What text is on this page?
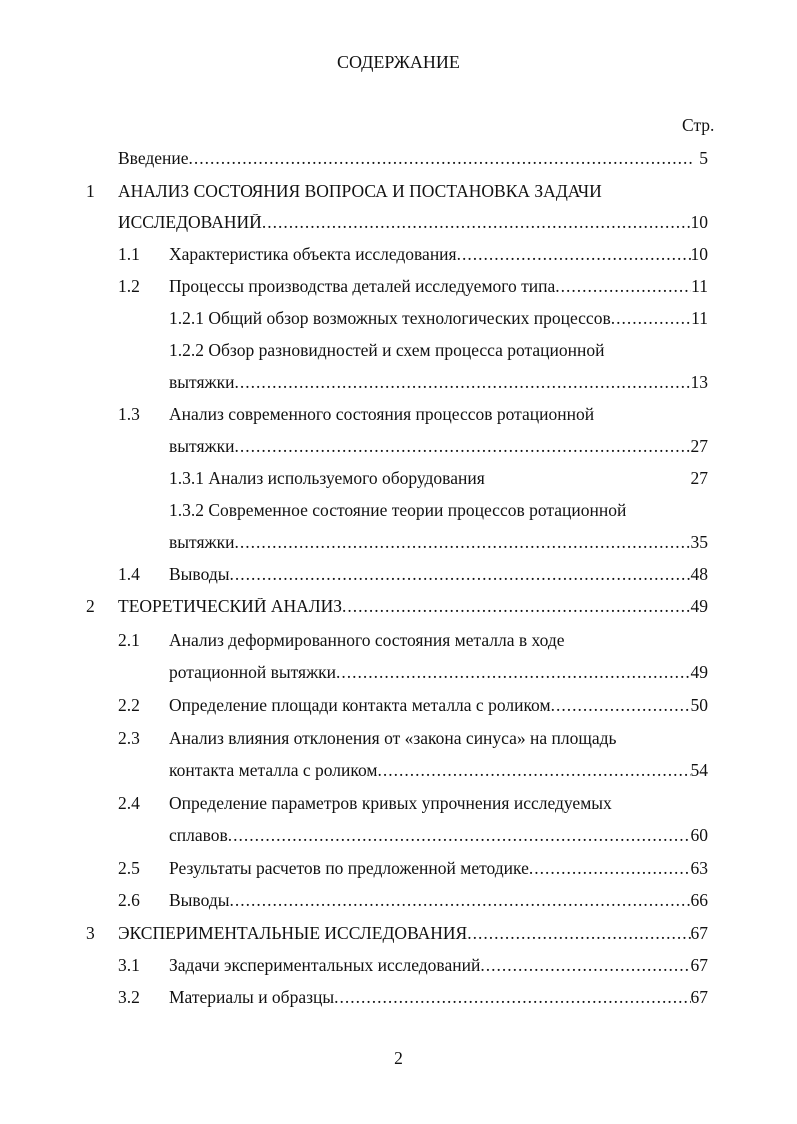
СОДЕРЖАНИЕ
Стр.
Введение .....	5
1 АНАЛИЗ СОСТОЯНИЯ ВОПРОСА И ПОСТАНОВКА ЗАДАЧИ
ИССЛЕДОВАНИЙ .....	10
1.1 Характеристика объекта исследования .....	10
1.2 Процессы производства деталей исследуемого типа .....	11
1.2.1 Общий обзор возможных технологических процессов .....	11
1.2.2 Обзор разновидностей и схем процесса ротационной
вытяжки .....	13
1.3 Анализ современного состояния процессов ротационной
вытяжки .....	27
1.3.1 Анализ используемого оборудования	27
1.3.2 Современное состояние теории процессов ротационной
вытяжки .....	35
1.4 Выводы .....	48
2 ТЕОРЕТИЧЕСКИЙ АНАЛИЗ .....	49
2.1 Анализ деформированного состояния металла в ходе
ротационной вытяжки .....	49
2.2 Определение площади контакта металла с роликом .....	50
2.3 Анализ влияния отклонения от «закона синуса» на площадь
контакта металла с роликом .....	54
2.4 Определение параметров кривых упрочнения исследуемых
сплавов .....	60
2.5 Результаты расчетов по предложенной методике .....	63
2.6 Выводы .....	66
3 ЭКСПЕРИМЕНТАЛЬНЫЕ ИССЛЕДОВАНИЯ .....	67
3.1 Задачи экспериментальных исследований .....	67
3.2 Материалы и образцы .....	67
2
